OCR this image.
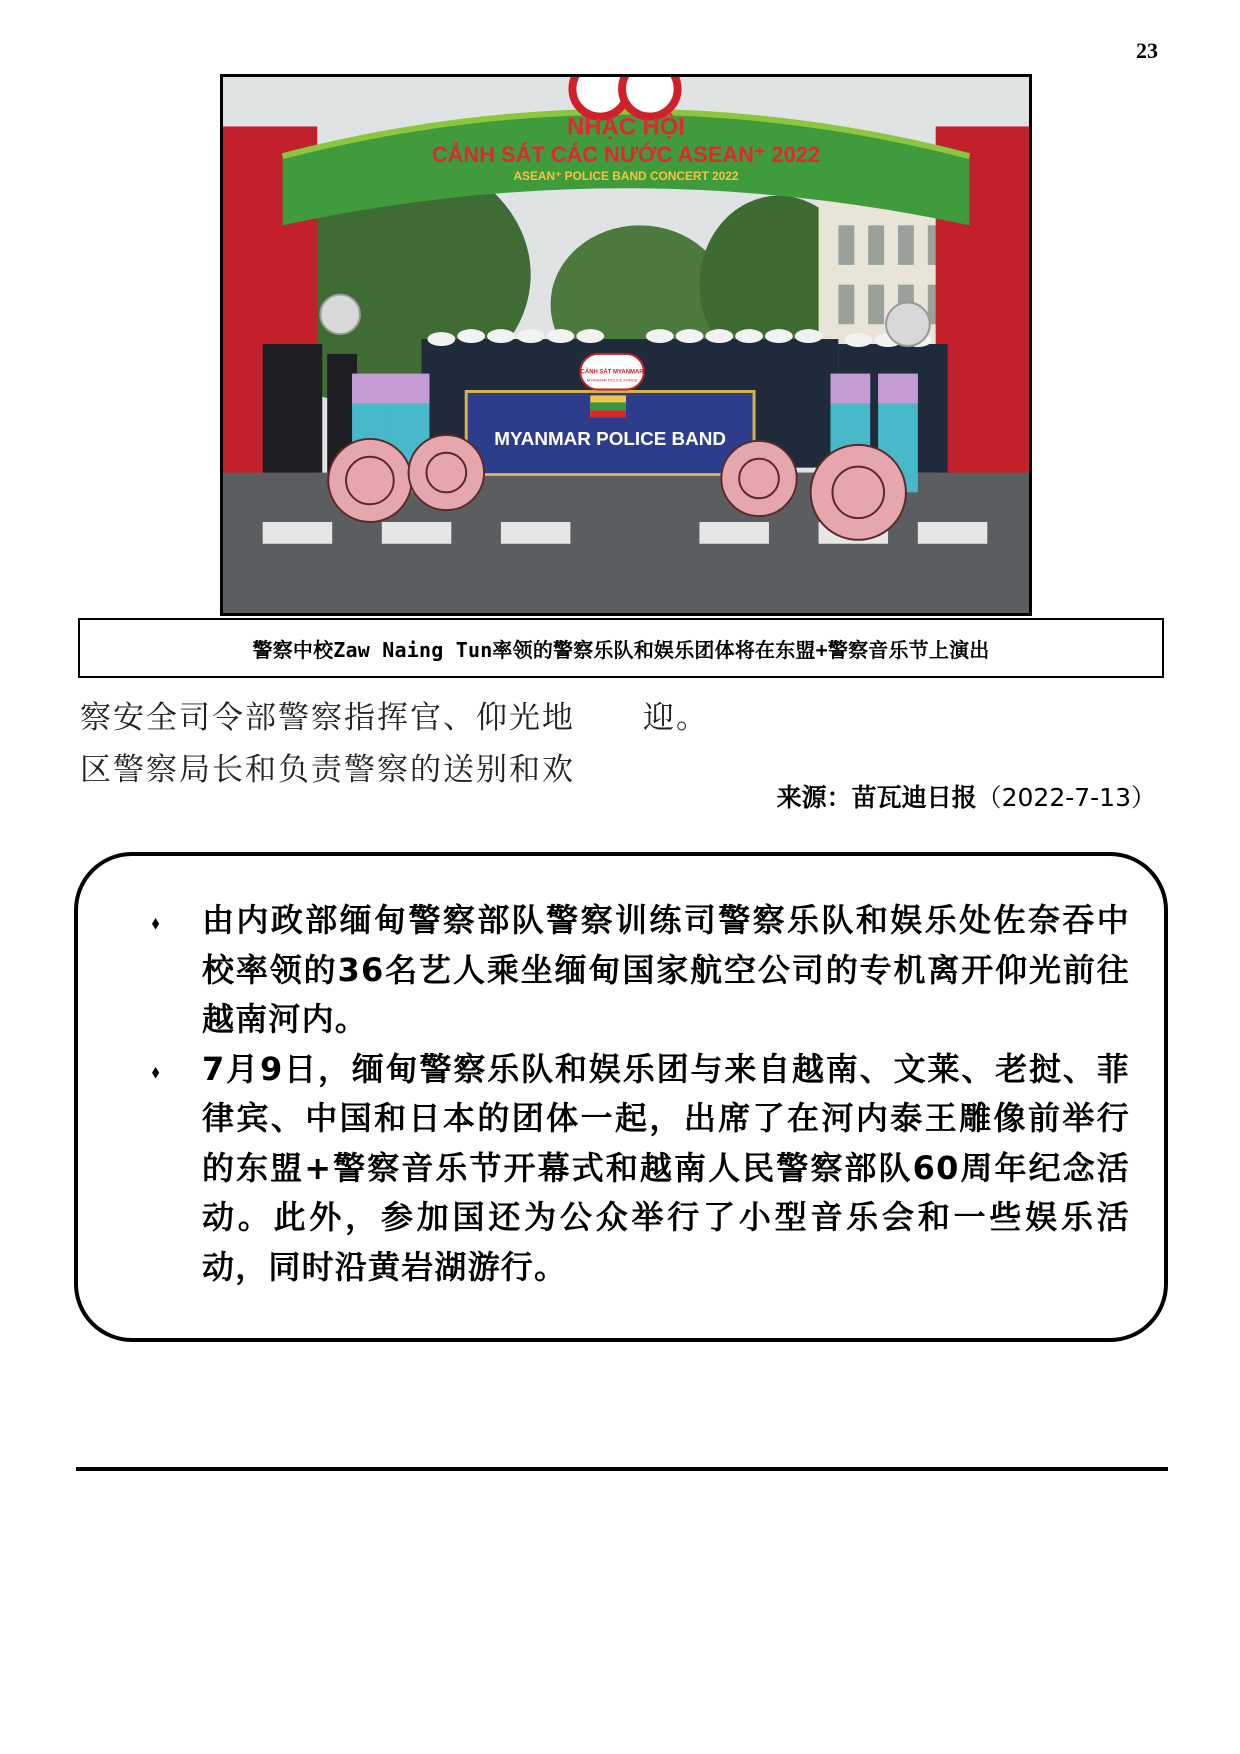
23
NHẠC HỘI
CẢNH SÁT CÁC NƯỚC ASEAN⁺ 2022
ASEAN⁺ POLICE BAND CONCERT 2022
MYANMAR POLICE BAND
CẢNH SÁT MYANMAR
MYANMAR POLICE FORCE
警察中校Zaw Naing Tun率领的警察乐队和娱乐团体将在东盟+警察音乐节上演出
察安全司令部警察指挥官、仰光地 迎。
区警察局长和负责警察的送别和欢
来源：苗瓦迪日报（2022-7-13）
⬧ 由内政部缅甸警察部队警察训练司警察乐队和娱乐处佐奈吞中校率领的36名艺人乘坐缅甸国家航空公司的专机离开仰光前往越南河内。
⬧ 7月9日，缅甸警察乐队和娱乐团与来自越南、文莱、老挝、菲律宾、中国和日本的团体一起，出席了在河内泰王雕像前举行的东盟+警察音乐节开幕式和越南人民警察部队60周年纪念活动。此外，参加国还为公众举行了小型音乐会和一些娱乐活动，同时沿黄岩湖游行。
